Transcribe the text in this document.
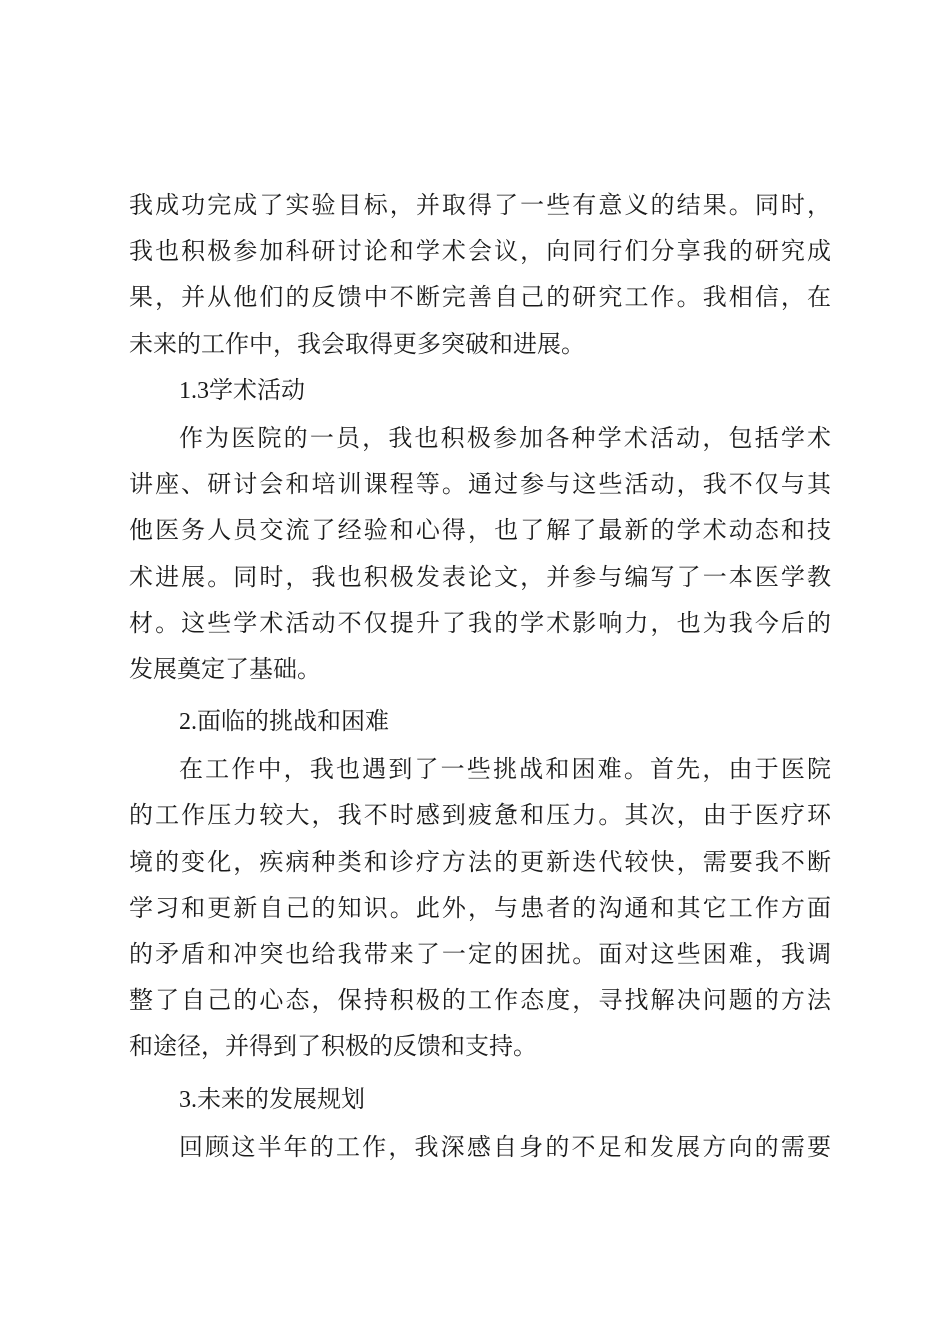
我成功完成了实验目标，并取得了一些有意义的结果。同时，
我也积极参加科研讨论和学术会议，向同行们分享我的研究成
果，并从他们的反馈中不断完善自己的研究工作。我相信，在
未来的工作中，我会取得更多突破和进展。
1.3学术活动
作为医院的一员，我也积极参加各种学术活动，包括学术
讲座、研讨会和培训课程等。通过参与这些活动，我不仅与其
他医务人员交流了经验和心得，也了解了最新的学术动态和技
术进展。同时，我也积极发表论文，并参与编写了一本医学教
材。这些学术活动不仅提升了我的学术影响力，也为我今后的
发展奠定了基础。
2.面临的挑战和困难
在工作中，我也遇到了一些挑战和困难。首先，由于医院
的工作压力较大，我不时感到疲惫和压力。其次，由于医疗环
境的变化，疾病种类和诊疗方法的更新迭代较快，需要我不断
学习和更新自己的知识。此外，与患者的沟通和其它工作方面
的矛盾和冲突也给我带来了一定的困扰。面对这些困难，我调
整了自己的心态，保持积极的工作态度，寻找解决问题的方法
和途径，并得到了积极的反馈和支持。
3.未来的发展规划
回顾这半年的工作，我深感自身的不足和发展方向的需要
